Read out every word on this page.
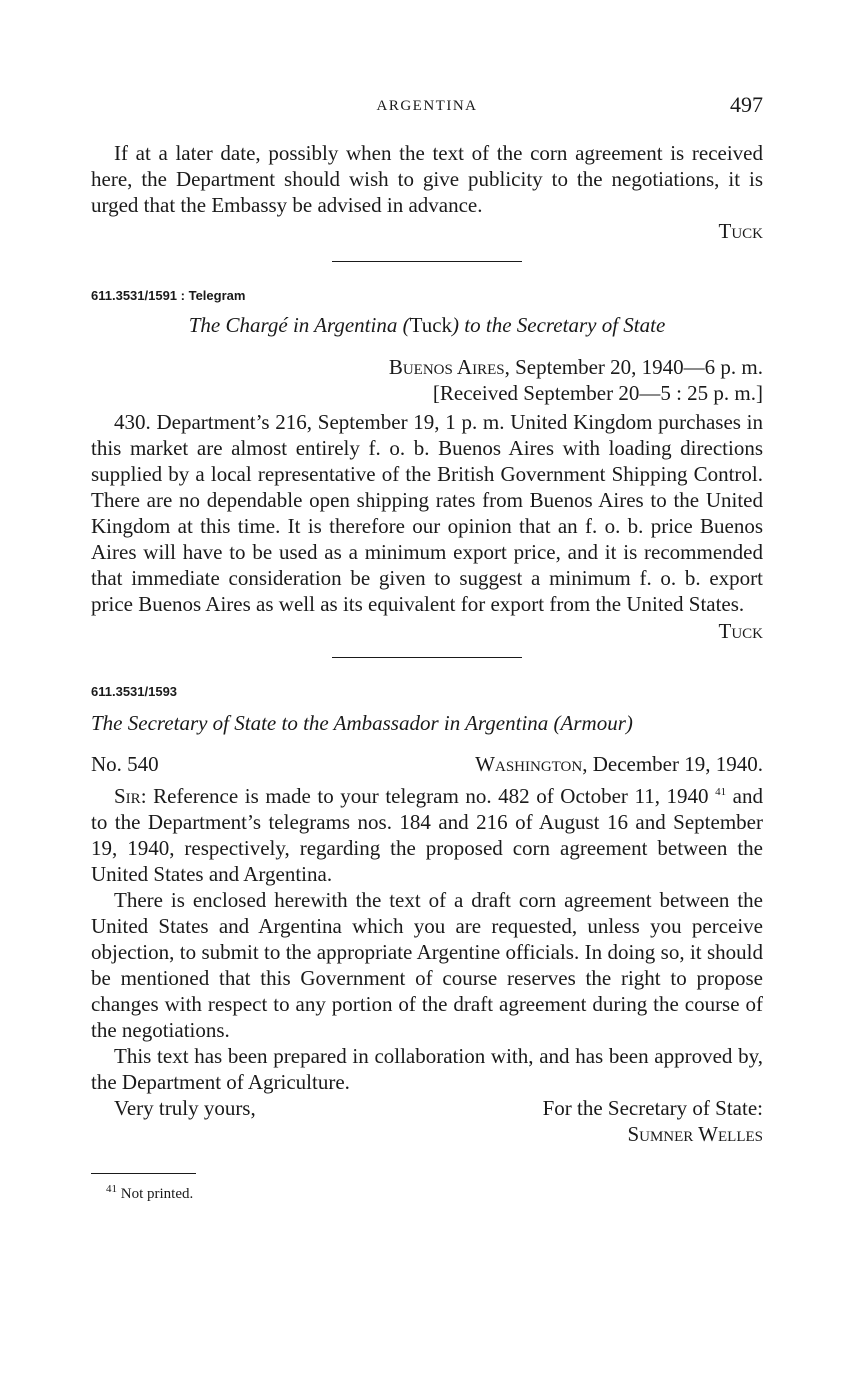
ARGENTINA	497

If at a later date, possibly when the text of the corn agreement is received here, the Department should wish to give publicity to the negotiations, it is urged that the Embassy be advised in advance.

Tuck
611.3531/1591 : Telegram
The Chargé in Argentina (Tuck) to the Secretary of State
Buenos Aires, September 20, 1940—6 p. m.
[Received September 20—5 : 25 p. m.]

430. Department’s 216, September 19, 1 p. m. United Kingdom purchases in this market are almost entirely f. o. b. Buenos Aires with loading directions supplied by a local representative of the British Government Shipping Control. There are no dependable open shipping rates from Buenos Aires to the United Kingdom at this time. It is therefore our opinion that an f. o. b. price Buenos Aires will have to be used as a minimum export price, and it is recommended that immediate consideration be given to suggest a minimum f. o. b. export price Buenos Aires as well as its equivalent for export from the United States.

Tuck
611.3531/1593
The Secretary of State to the Ambassador in Argentina (Armour)
No. 540	Washington, December 19, 1940.

Sir: Reference is made to your telegram no. 482 of October 11, 1940 $^{41}$ and to the Department’s telegrams nos. 184 and 216 of August 16 and September 19, 1940, respectively, regarding the proposed corn agreement between the United States and Argentina.

There is enclosed herewith the text of a draft corn agreement between the United States and Argentina which you are requested, unless you perceive objection, to submit to the appropriate Argentine officials. In doing so, it should be mentioned that this Government of course reserves the right to propose changes with respect to any portion of the draft agreement during the course of the negotiations.

This text has been prepared in collaboration with, and has been approved by, the Department of Agriculture.

Very truly yours,	For the Secretary of State:
Sumner Welles
$^{41}$ Not printed.
